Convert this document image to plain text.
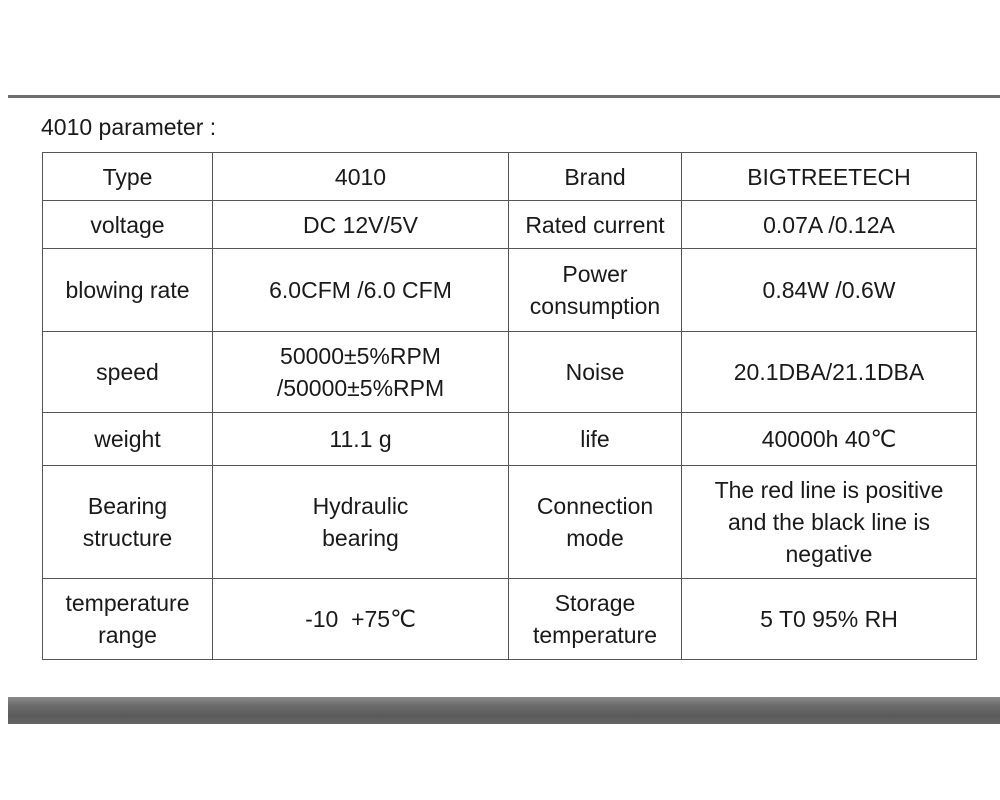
4010 parameter :
Type	4010	Brand	BIGTREETECH
voltage	DC 12V/5V	Rated current	0.07A /0.12A
blowing rate	6.0CFM /6.0 CFM	Power consumption	0.84W /0.6W
speed	50000±5%RPM /50000±5%RPM	Noise	20.1DBA/21.1DBA
weight	11.1 g	life	40000h 40℃
Bearing structure	Hydraulic bearing	Connection mode	The red line is positive and the black line is negative
temperature range	-10  +75℃	Storage temperature	5 T0 95% RH
